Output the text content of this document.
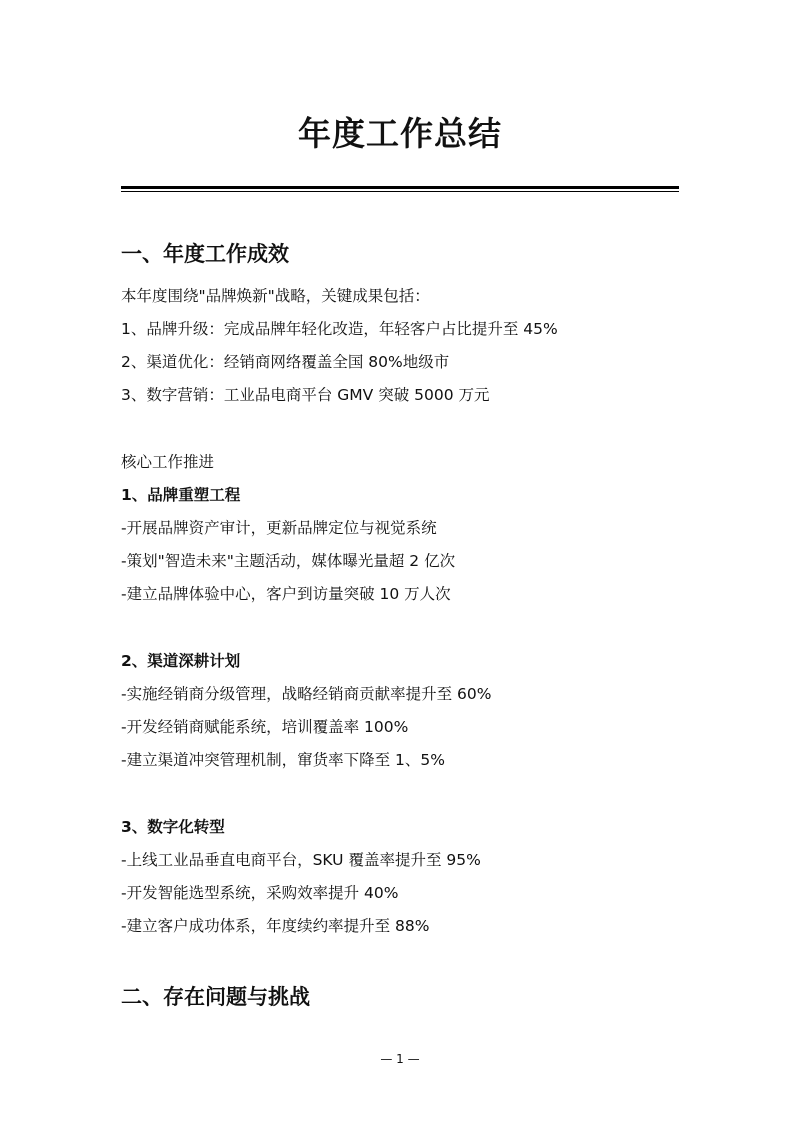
年度工作总结
一、年度工作成效
本年度围绕"品牌焕新"战略，关键成果包括：
1、品牌升级：完成品牌年轻化改造，年轻客户占比提升至 45%
2、渠道优化：经销商网络覆盖全国 80%地级市
3、数字营销：工业品电商平台 GMV 突破 5000 万元
核心工作推进
1、品牌重塑工程
-开展品牌资产审计，更新品牌定位与视觉系统
-策划"智造未来"主题活动，媒体曝光量超 2 亿次
-建立品牌体验中心，客户到访量突破 10 万人次
2、渠道深耕计划
-实施经销商分级管理，战略经销商贡献率提升至 60%
-开发经销商赋能系统，培训覆盖率 100%
-建立渠道冲突管理机制，窜货率下降至 1、5%
3、数字化转型
-上线工业品垂直电商平台，SKU 覆盖率提升至 95%
-开发智能选型系统，采购效率提升 40%
-建立客户成功体系，年度续约率提升至 88%
二、存在问题与挑战
— 1 —
